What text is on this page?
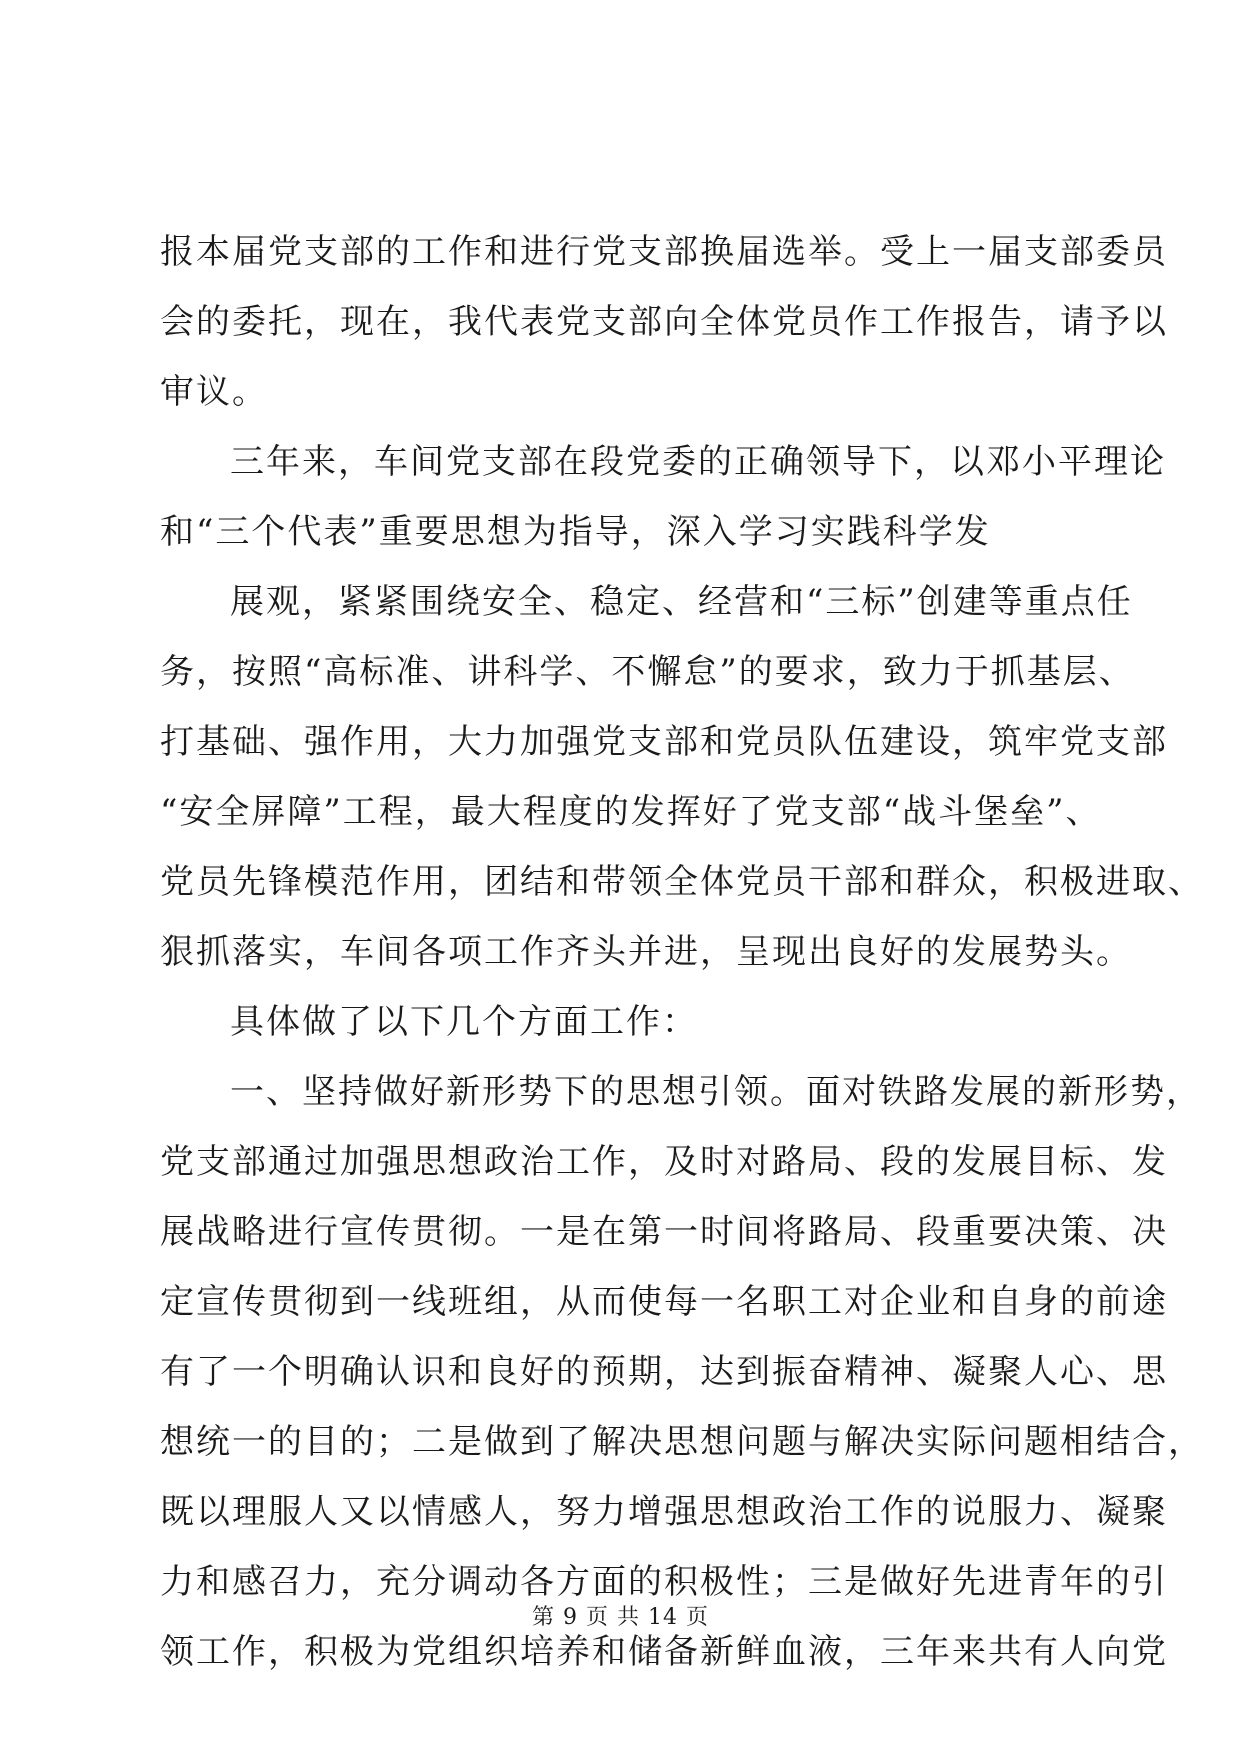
报本届党支部的工作和进行党支部换届选举。受上一届支部委员
会的委托，现在，我代表党支部向全体党员作工作报告，请予以
审议。
三年来，车间党支部在段党委的正确领导下，以邓小平理论
和“三个代表”重要思想为指导，深入学习实践科学发
展观，紧紧围绕安全、稳定、经营和“三标”创建等重点任
务，按照“高标准、讲科学、不懈怠”的要求，致力于抓基层、
打基础、强作用，大力加强党支部和党员队伍建设，筑牢党支部
“安全屏障”工程，最大程度的发挥好了党支部“战斗堡垒”、
党员先锋模范作用，团结和带领全体党员干部和群众，积极进取、
狠抓落实，车间各项工作齐头并进，呈现出良好的发展势头。
具体做了以下几个方面工作：
一、坚持做好新形势下的思想引领。面对铁路发展的新形势，
党支部通过加强思想政治工作，及时对路局、段的发展目标、发
展战略进行宣传贯彻。一是在第一时间将路局、段重要决策、决
定宣传贯彻到一线班组，从而使每一名职工对企业和自身的前途
有了一个明确认识和良好的预期，达到振奋精神、凝聚人心、思
想统一的目的；二是做到了解决思想问题与解决实际问题相结合，
既以理服人又以情感人，努力增强思想政治工作的说服力、凝聚
力和感召力，充分调动各方面的积极性；三是做好先进青年的引
领工作，积极为党组织培养和储备新鲜血液，三年来共有人向党
第 9 页 共 14 页
